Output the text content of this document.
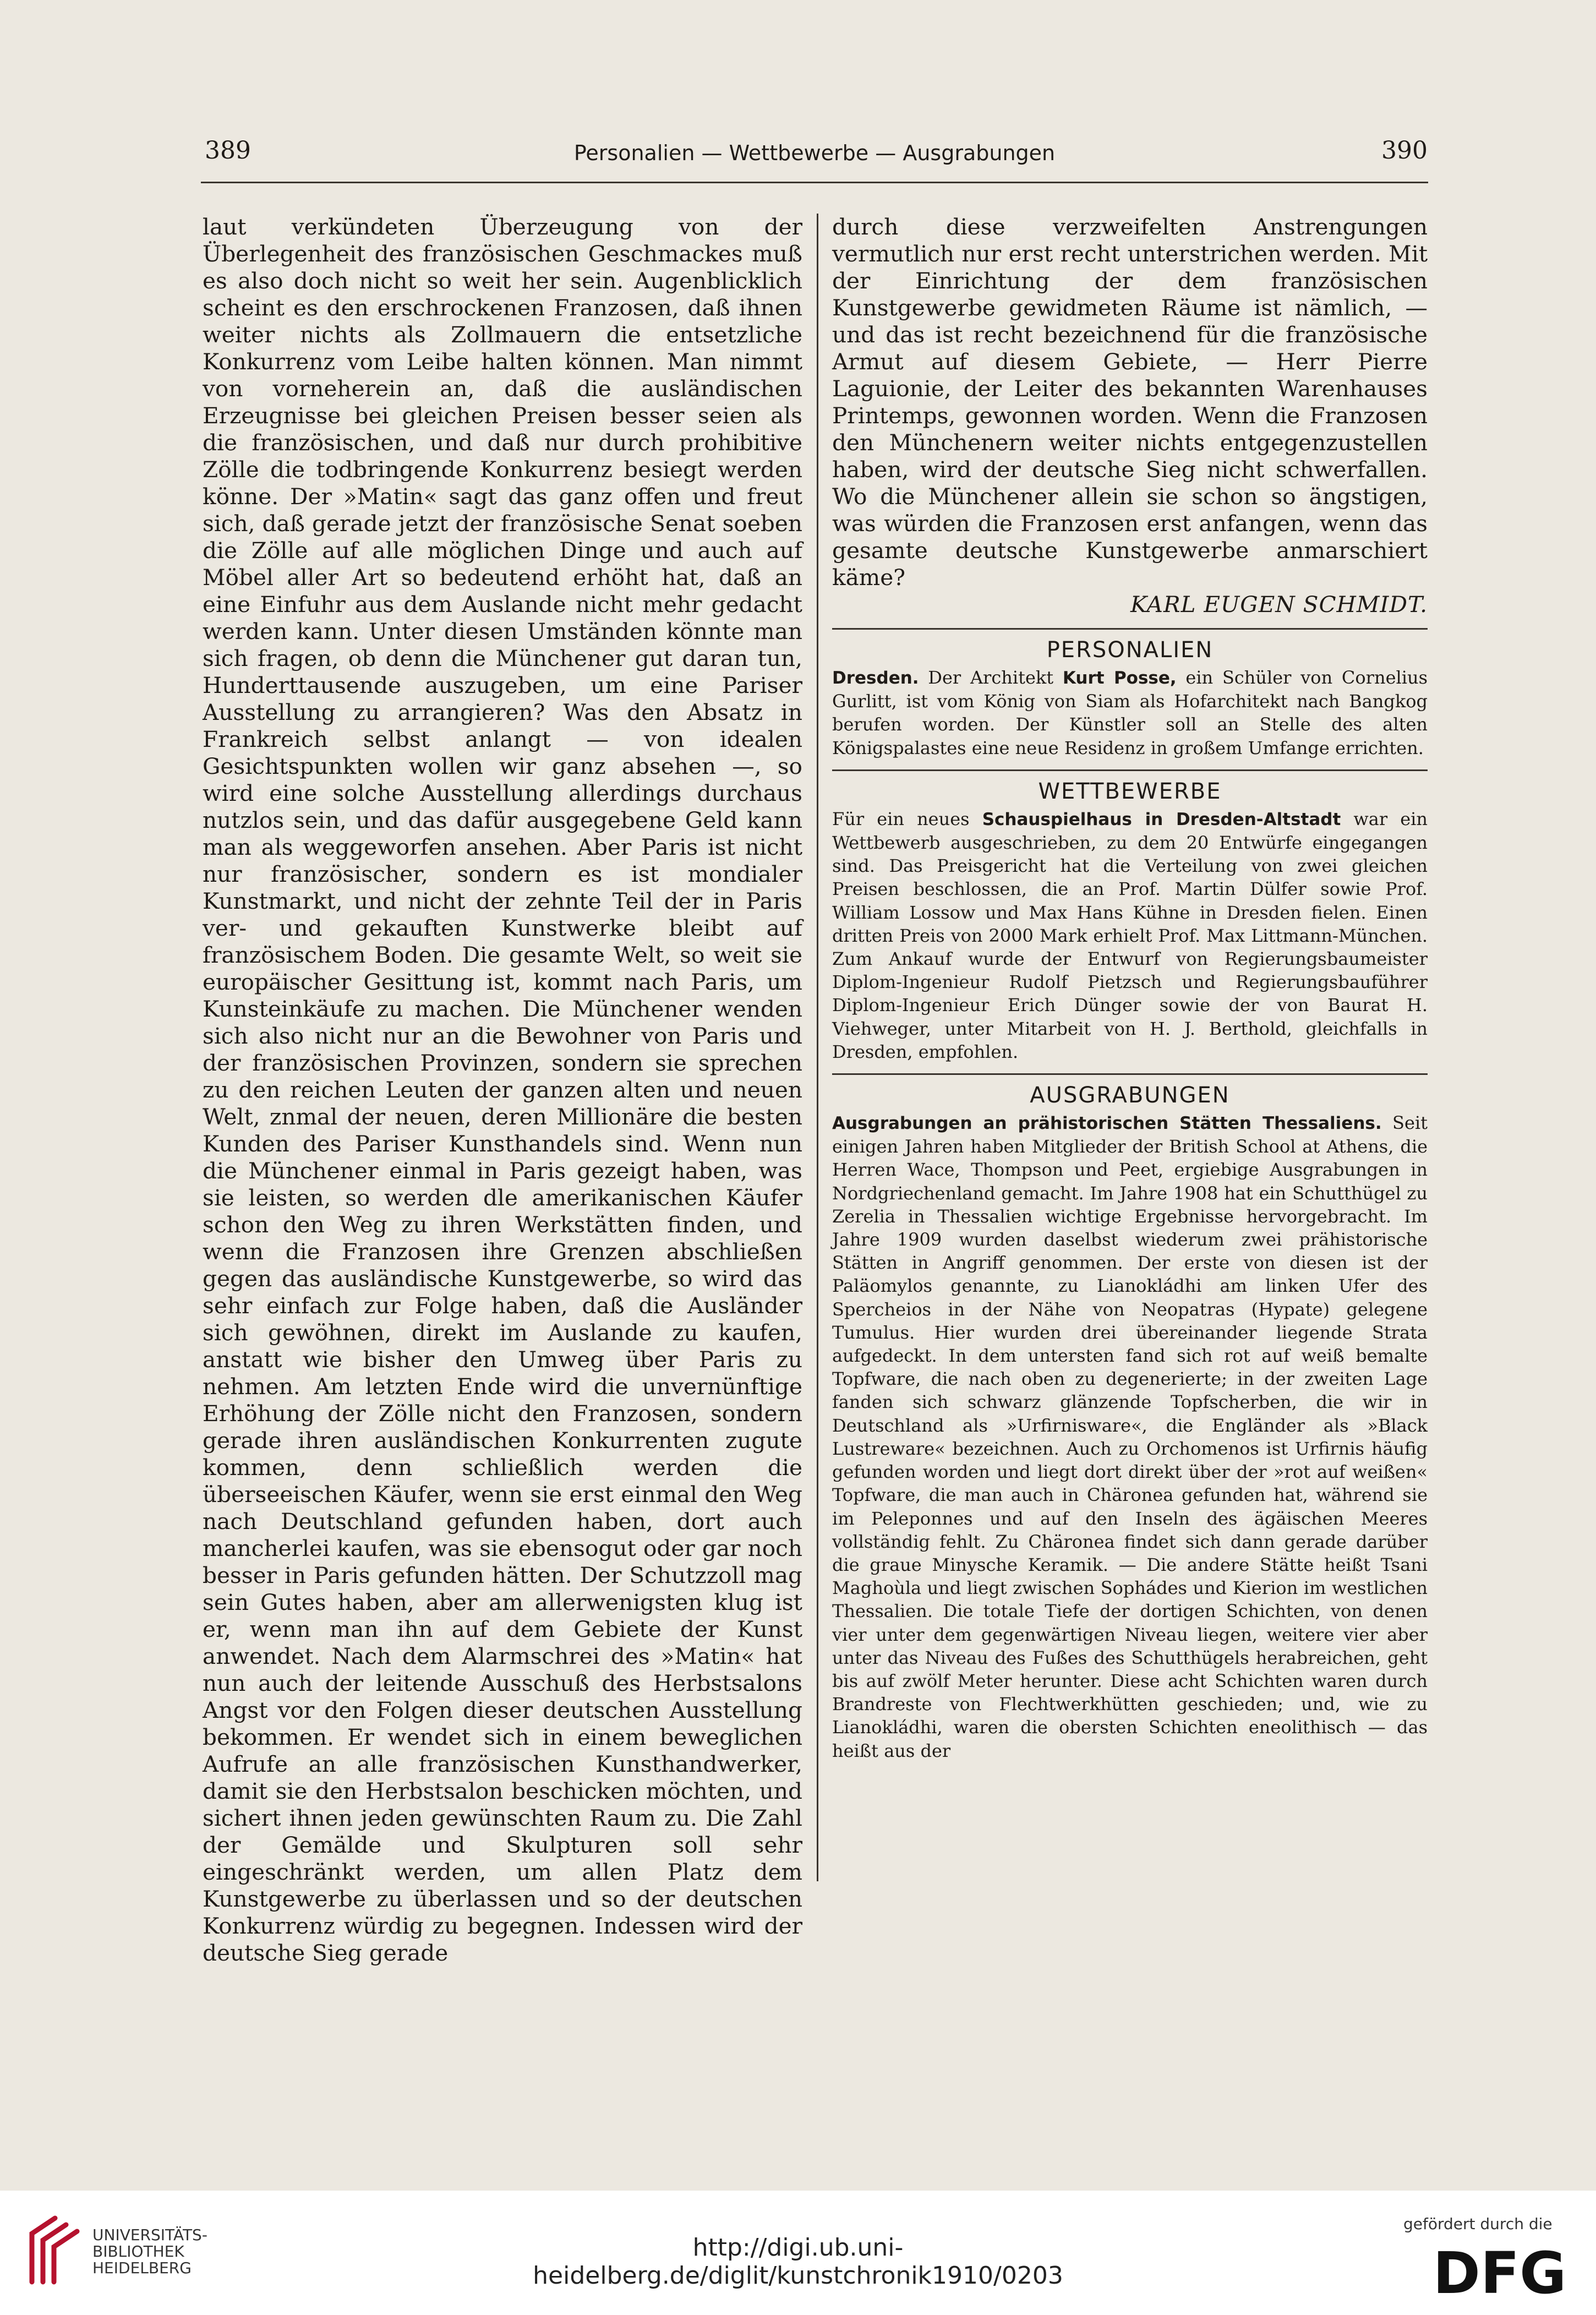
389	Personalien — Wettbewerbe — Ausgrabungen	390

laut verkündeten Überzeugung von der Überlegenheit des französischen Geschmackes muß es also doch nicht so weit her sein. Augenblicklich scheint es den erschrockenen Franzosen, daß ihnen weiter nichts als Zollmauern die entsetzliche Konkurrenz vom Leibe halten können. Man nimmt von vorneherein an, daß die ausländischen Erzeugnisse bei gleichen Preisen besser seien als die französischen, und daß nur durch prohibitive Zölle die todbringende Konkurrenz besiegt werden könne. Der »Matin« sagt das ganz offen und freut sich, daß gerade jetzt der französische Senat soeben die Zölle auf alle möglichen Dinge und auch auf Möbel aller Art so bedeutend erhöht hat, daß an eine Einfuhr aus dem Auslande nicht mehr gedacht werden kann. Unter diesen Umständen könnte man sich fragen, ob denn die Münchener gut daran tun, Hunderttausende auszugeben, um eine Pariser Ausstellung zu arrangieren? Was den Absatz in Frankreich selbst anlangt — von idealen Gesichtspunkten wollen wir ganz absehen —, so wird eine solche Ausstellung allerdings durchaus nutzlos sein, und das dafür ausgegebene Geld kann man als weggeworfen ansehen. Aber Paris ist nicht nur französischer, sondern es ist mondialer Kunstmarkt, und nicht der zehnte Teil der in Paris ver- und gekauften Kunstwerke bleibt auf französischem Boden. Die gesamte Welt, so weit sie europäischer Gesittung ist, kommt nach Paris, um Kunsteinkäufe zu machen. Die Münchener wenden sich also nicht nur an die Bewohner von Paris und der französischen Provinzen, sondern sie sprechen zu den reichen Leuten der ganzen alten und neuen Welt, znmal der neuen, deren Millionäre die besten Kunden des Pariser Kunsthandels sind. Wenn nun die Münchener einmal in Paris gezeigt haben, was sie leisten, so werden dle amerikanischen Käufer schon den Weg zu ihren Werkstätten finden, und wenn die Franzosen ihre Grenzen abschließen gegen das ausländische Kunstgewerbe, so wird das sehr einfach zur Folge haben, daß die Ausländer sich gewöhnen, direkt im Auslande zu kaufen, anstatt wie bisher den Umweg über Paris zu nehmen. Am letzten Ende wird die unvernünftige Erhöhung der Zölle nicht den Franzosen, sondern gerade ihren ausländischen Konkurrenten zugute kommen, denn schließlich werden die überseeischen Käufer, wenn sie erst einmal den Weg nach Deutschland gefunden haben, dort auch mancherlei kaufen, was sie ebensogut oder gar noch besser in Paris gefunden hätten. Der Schutzzoll mag sein Gutes haben, aber am allerwenigsten klug ist er, wenn man ihn auf dem Gebiete der Kunst anwendet. Nach dem Alarmschrei des »Matin« hat nun auch der leitende Ausschuß des Herbstsalons Angst vor den Folgen dieser deutschen Ausstellung bekommen. Er wendet sich in einem beweglichen Aufrufe an alle französischen Kunsthandwerker, damit sie den Herbstsalon beschicken möchten, und sichert ihnen jeden gewünschten Raum zu. Die Zahl der Gemälde und Skulpturen soll sehr eingeschränkt werden, um allen Platz dem Kunstgewerbe zu überlassen und so der deutschen Konkurrenz würdig zu begegnen. Indessen wird der deutsche Sieg gerade

durch diese verzweifelten Anstrengungen vermutlich nur erst recht unterstrichen werden. Mit der Einrichtung der dem französischen Kunstgewerbe gewidmeten Räume ist nämlich, — und das ist recht bezeichnend für die französische Armut auf diesem Gebiete, — Herr Pierre Laguionie, der Leiter des bekannten Warenhauses Printemps, gewonnen worden. Wenn die Franzosen den Münchenern weiter nichts entgegenzustellen haben, wird der deutsche Sieg nicht schwerfallen. Wo die Münchener allein sie schon so ängstigen, was würden die Franzosen erst anfangen, wenn das gesamte deutsche Kunstgewerbe anmarschiert käme?

KARL EUGEN SCHMIDT.

PERSONALIEN

Dresden. Der Architekt Kurt Posse, ein Schüler von Cornelius Gurlitt, ist vom König von Siam als Hofarchitekt nach Bangkog berufen worden. Der Künstler soll an Stelle des alten Königspalastes eine neue Residenz in großem Umfange errichten.

WETTBEWERBE

Für ein neues Schauspielhaus in Dresden-Altstadt war ein Wettbewerb ausgeschrieben, zu dem 20 Entwürfe eingegangen sind. Das Preisgericht hat die Verteilung von zwei gleichen Preisen beschlossen, die an Prof. Martin Dülfer sowie Prof. William Lossow und Max Hans Kühne in Dresden fielen. Einen dritten Preis von 2000 Mark erhielt Prof. Max Littmann-München. Zum Ankauf wurde der Entwurf von Regierungsbaumeister Diplom-Ingenieur Rudolf Pietzsch und Regierungsbauführer Diplom-Ingenieur Erich Dünger sowie der von Baurat H. Viehweger, unter Mitarbeit von H. J. Berthold, gleichfalls in Dresden, empfohlen.

AUSGRABUNGEN

Ausgrabungen an prähistorischen Stätten Thessaliens. Seit einigen Jahren haben Mitglieder der British School at Athens, die Herren Wace, Thompson und Peet, ergiebige Ausgrabungen in Nordgriechenland gemacht. Im Jahre 1908 hat ein Schutthügel zu Zerelia in Thessalien wichtige Ergebnisse hervorgebracht. Im Jahre 1909 wurden daselbst wiederum zwei prähistorische Stätten in Angriff genommen. Der erste von diesen ist der Paläomylos genannte, zu Lianokládhi am linken Ufer des Spercheios in der Nähe von Neopatras (Hypate) gelegene Tumulus. Hier wurden drei übereinander liegende Strata aufgedeckt. In dem untersten fand sich rot auf weiß bemalte Topfware, die nach oben zu degenerierte; in der zweiten Lage fanden sich schwarz glänzende Topfscherben, die wir in Deutschland als »Urfirnisware«, die Engländer als »Black Lustreware« bezeichnen. Auch zu Orchomenos ist Urfirnis häufig gefunden worden und liegt dort direkt über der »rot auf weißen« Topfware, die man auch in Chäronea gefunden hat, während sie im Peleponnes und auf den Inseln des ägäischen Meeres vollständig fehlt. Zu Chäronea findet sich dann gerade darüber die graue Minysche Keramik. — Die andere Stätte heißt Tsani Maghoùla und liegt zwischen Sophádes und Kierion im westlichen Thessalien. Die totale Tiefe der dortigen Schichten, von denen vier unter dem gegenwärtigen Niveau liegen, weitere vier aber unter das Niveau des Fußes des Schutthügels herabreichen, geht bis auf zwölf Meter herunter. Diese acht Schichten waren durch Brandreste von Flechtwerkhütten geschieden; und, wie zu Lianokládhi, waren die obersten Schichten eneolithisch — das heißt aus der

UNIVERSITÄTS-
BIBLIOTHEK
HEIDELBERG
http://digi.ub.uni-heidelberg.de/diglit/kunstchronik1910/0203
gefördert durch die
DFG
